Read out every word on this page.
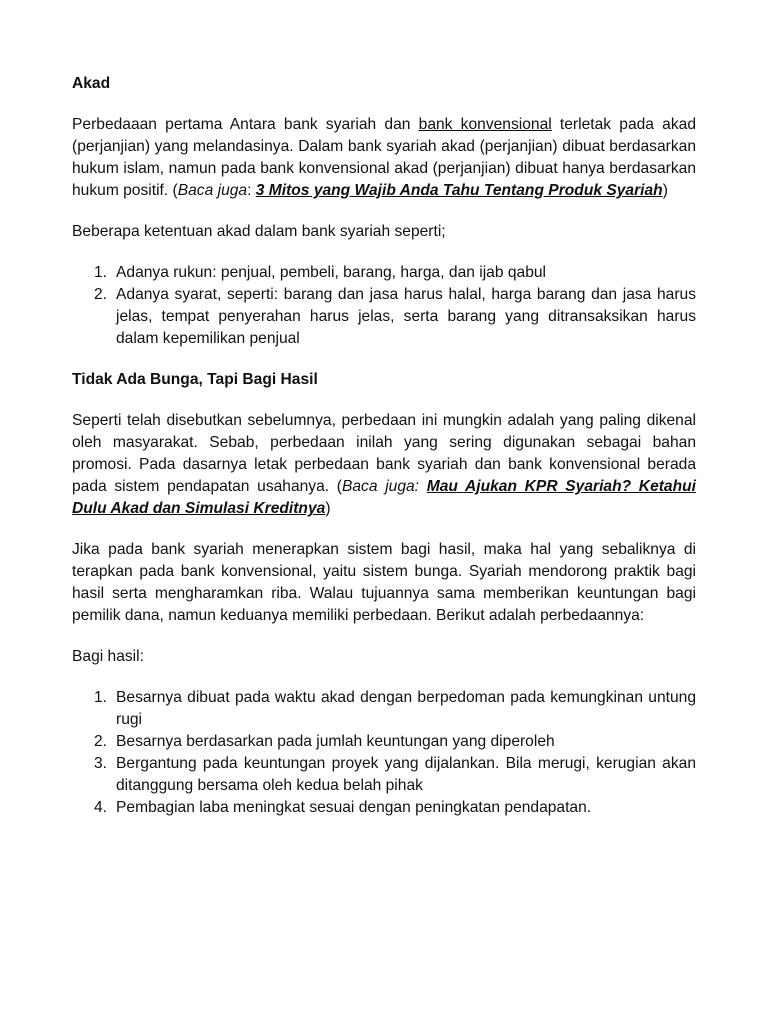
Akad

Perbedaaan pertama Antara bank syariah dan bank konvensional terletak pada akad (perjanjian) yang melandasinya. Dalam bank syariah akad (perjanjian) dibuat berdasarkan hukum islam, namun pada bank konvensional akad (perjanjian) dibuat hanya berdasarkan hukum positif. (Baca juga: 3 Mitos yang Wajib Anda Tahu Tentang Produk Syariah)

Beberapa ketentuan akad dalam bank syariah seperti;

1. Adanya rukun: penjual, pembeli, barang, harga, dan ijab qabul
2. Adanya syarat, seperti: barang dan jasa harus halal, harga barang dan jasa harus jelas, tempat penyerahan harus jelas, serta barang yang ditransaksikan harus dalam kepemilikan penjual
Tidak Ada Bunga, Tapi Bagi Hasil

Seperti telah disebutkan sebelumnya, perbedaan ini mungkin adalah yang paling dikenal oleh masyarakat. Sebab, perbedaan inilah yang sering digunakan sebagai bahan promosi. Pada dasarnya letak perbedaan bank syariah dan bank konvensional berada pada sistem pendapatan usahanya. (Baca juga: Mau Ajukan KPR Syariah? Ketahui Dulu Akad dan Simulasi Kreditnya)

Jika pada bank syariah menerapkan sistem bagi hasil, maka hal yang sebaliknya di terapkan pada bank konvensional, yaitu sistem bunga. Syariah mendorong praktik bagi hasil serta mengharamkan riba. Walau tujuannya sama memberikan keuntungan bagi pemilik dana, namun keduanya memiliki perbedaan. Berikut adalah perbedaannya:

Bagi hasil:

1. Besarnya dibuat pada waktu akad dengan berpedoman pada kemungkinan untung rugi
2. Besarnya berdasarkan pada jumlah keuntungan yang diperoleh
3. Bergantung pada keuntungan proyek yang dijalankan. Bila merugi, kerugian akan ditanggung bersama oleh kedua belah pihak
4. Pembagian laba meningkat sesuai dengan peningkatan pendapatan.
